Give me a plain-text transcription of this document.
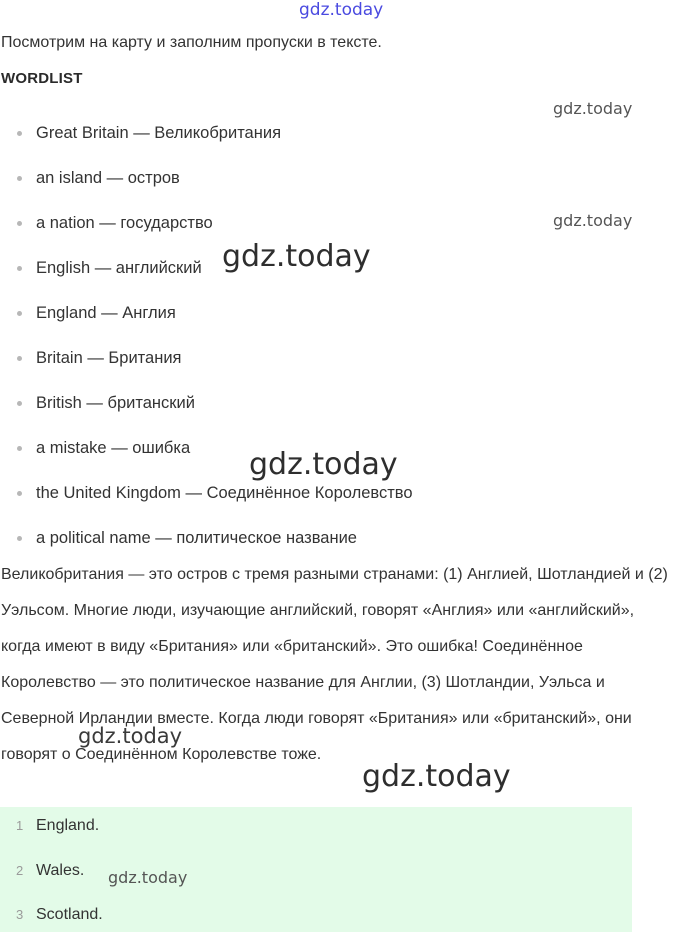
gdz.today
Посмотрим на карту и заполним пропуски в тексте.
WORDLIST
Great Britain — Великобритания
an island — остров
a nation — государство
English — английский
England — Англия
Britain — Британия
British — британский
a mistake — ошибка
the United Kingdom — Соединённое Королевство
a political name — политическое название
Великобритания — это остров с тремя разными странами: (1) Англией, Шотландией и (2) Уэльсом. Многие люди, изучающие английский, говорят «Англия» или «английский», когда имеют в виду «Британия» или «британский». Это ошибка! Соединённое Королевство — это политическое название для Англии, (3) Шотландии, Уэльса и Северной Ирландии вместе. Когда люди говорят «Британия» или «британский», они говорят о Соединённом Королевстве тоже.
1 England.
2 Wales.
3 Scotland.
gdz.today
gdz.today
gdz.today
gdz.today
gdz.today
gdz.today
gdz.today
